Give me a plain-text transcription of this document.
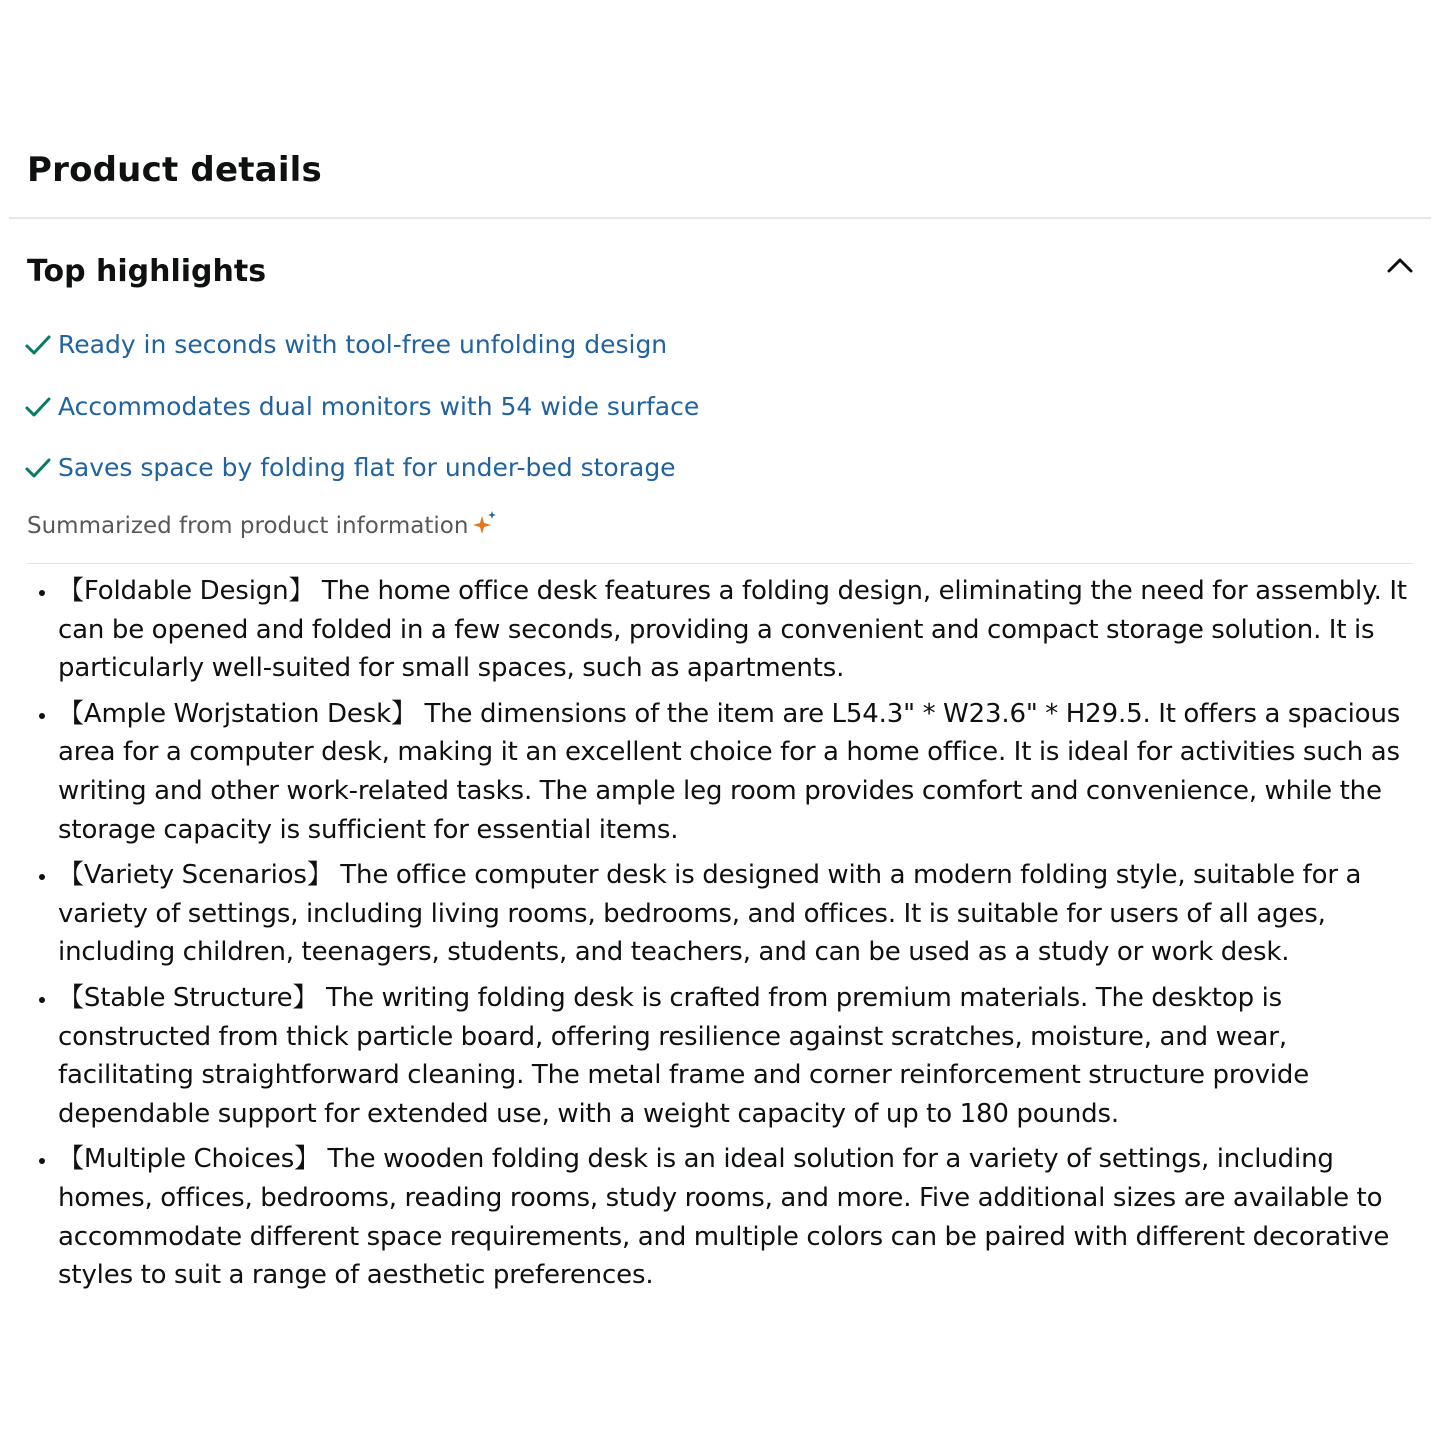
Product details
Top highlights
Ready in seconds with tool-free unfolding design
Accommodates dual monitors with 54 wide surface
Saves space by folding flat for under-bed storage
Summarized from product information
• 【Foldable Design】 The home office desk features a folding design, eliminating the need for assembly. It can be opened and folded in a few seconds, providing a convenient and compact storage solution. It is particularly well-suited for small spaces, such as apartments.
• 【Ample Worjstation Desk】 The dimensions of the item are L54.3" * W23.6" * H29.5. It offers a spacious area for a computer desk, making it an excellent choice for a home office. It is ideal for activities such as writing and other work-related tasks. The ample leg room provides comfort and convenience, while the storage capacity is sufficient for essential items.
• 【Variety Scenarios】 The office computer desk is designed with a modern folding style, suitable for a variety of settings, including living rooms, bedrooms, and offices. It is suitable for users of all ages, including children, teenagers, students, and teachers, and can be used as a study or work desk.
• 【Stable Structure】 The writing folding desk is crafted from premium materials. The desktop is constructed from thick particle board, offering resilience against scratches, moisture, and wear, facilitating straightforward cleaning. The metal frame and corner reinforcement structure provide dependable support for extended use, with a weight capacity of up to 180 pounds.
• 【Multiple Choices】 The wooden folding desk is an ideal solution for a variety of settings, including homes, offices, bedrooms, reading rooms, study rooms, and more. Five additional sizes are available to accommodate different space requirements, and multiple colors can be paired with different decorative styles to suit a range of aesthetic preferences.
